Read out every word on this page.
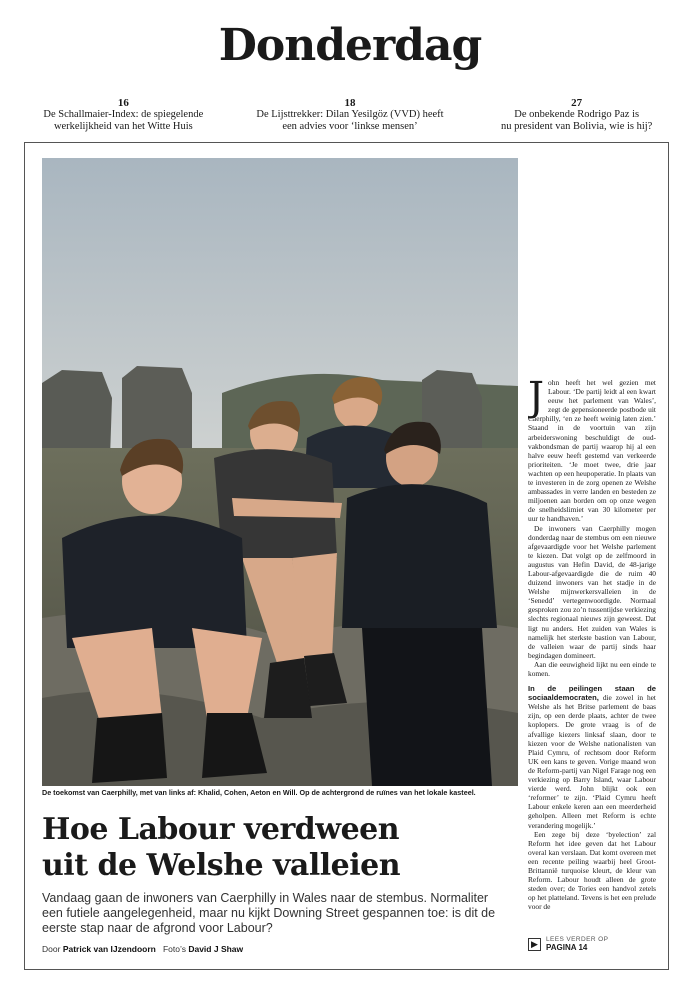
Donderdag
16
De Schallmaier-Index: de spiegelende
werkelijkheid van het Witte Huis
18
De Lijsttrekker: Dilan Yesilgöz (VVD) heeft
een advies voor ‘linkse mensen’
27
De onbekende Rodrigo Paz is
nu president van Bolivia, wie is hij?
De toekomst van Caerphilly, met van links af: Khalid, Cohen, Aeton en Will. Op de achtergrond de ruïnes van het lokale kasteel.
Hoe Labour verdween
uit de Welshe valleien

Vandaag gaan de inwoners van Caerphilly in Wales naar de stembus. Normaliter een futiele aangelegenheid, maar nu kijkt Downing Street gespannen toe: is dit de eerste stap naar de afgrond voor Labour?

Door Patrick van IJzendoorn Foto’s David J Shaw

John heeft het wel gezien met Labour. ‘De partij leidt al een kwart eeuw het parlement van Wales’, zegt de gepensioneerde postbode uit Caerphilly, ‘en ze heeft weinig laten zien.’ Staand in de voortuin van zijn arbeiderswoning beschuldigt de oud-vakbondsman de partij waarop hij al een halve eeuw heeft gestemd van verkeerde prioriteiten. ‘Je moet twee, drie jaar wachten op een heupoperatie. In plaats van te investeren in de zorg openen ze Welshe ambassades in verre landen en besteden ze miljoenen aan borden om op onze wegen de snelheidslimiet van 30 kilometer per uur te handhaven.’

De inwoners van Caerphilly mogen donderdag naar de stembus om een nieuwe afgevaardigde voor het Welshe parlement te kiezen. Dat volgt op de zelfmoord in augustus van Hefin David, de 48-jarige Labour-afgevaardigde die de ruim 40 duizend inwoners van het stadje in de Welshe mijnwerkersvalleien in de ‘Senedd’ vertegenwoordigde. Normaal gesproken zou zo’n tussentijdse verkiezing slechts regionaal nieuws zijn geweest. Dat ligt nu anders. Het zuiden van Wales is namelijk het sterkste bastion van Labour, de valleien waar de partij sinds haar begindagen domineert.

Aan die eeuwigheid lijkt nu een einde te komen.

In de peilingen staan de sociaaldemocraten, die zowel in het Welshe als het Britse parlement de baas zijn, op een derde plaats, achter de twee koplopers. De grote vraag is of de afvallige kiezers linksaf slaan, door te kiezen voor de Welshe nationalisten van Plaid Cymru, of rechtsom door Reform UK een kans te geven. Vorige maand won de Reform-partij van Nigel Farage nog een verkiezing op Barry Island, waar Labour vierde werd. John blijkt ook een ‘reformer’ te zijn. ‘Plaid Cymru heeft Labour enkele keren aan een meerderheid geholpen. Alleen met Reform is echte verandering mogelijk.’

Een zege bij deze ‘byelection’ zal Reform het idee geven dat het Labour overal kan verslaan. Dat komt overeen met een recente peiling waarbij heel Groot-Brittannië turquoise kleurt, de kleur van Reform. Labour houdt alleen de grote steden over; de Tories een handvol zetels op het platteland. Tevens is het een prelude voor de

▶	LEES VERDER OP
PAGINA 14
